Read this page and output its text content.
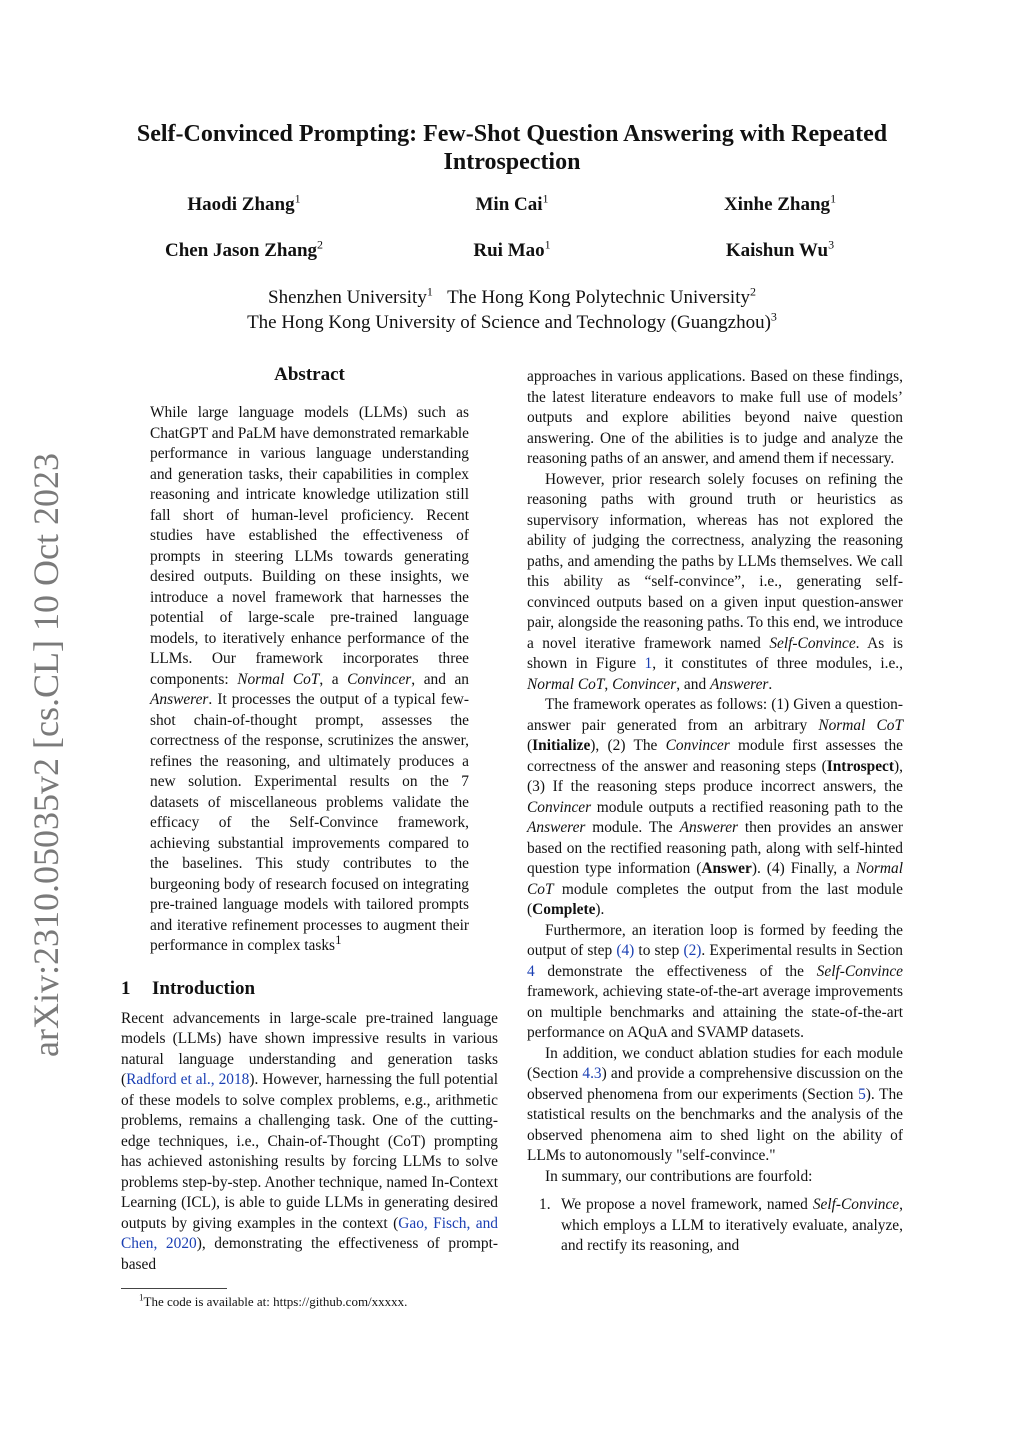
arXiv:2310.05035v2 [cs.CL] 10 Oct 2023
Self-Convinced Prompting: Few-Shot Question Answering with Repeated Introspection
Haodi Zhang$^1$	Min Cai$^1$	Xinhe Zhang$^1$
Chen Jason Zhang$^2$	Rui Mao$^1$	Kaishun Wu$^3$
Shenzhen University$^1$ The Hong Kong Polytechnic University$^2$
The Hong Kong University of Science and Technology (Guangzhou)$^3$
Abstract

While large language models (LLMs) such as ChatGPT and PaLM have demonstrated remarkable performance in various language understanding and generation tasks, their capabilities in complex reasoning and intricate knowledge utilization still fall short of human-level proficiency. Recent studies have established the effectiveness of prompts in steering LLMs towards generating desired outputs. Building on these insights, we introduce a novel framework that harnesses the potential of large-scale pre-trained language models, to iteratively enhance performance of the LLMs. Our framework incorporates three components: Normal CoT, a Convincer, and an Answerer. It processes the output of a typical few-shot chain-of-thought prompt, assesses the correctness of the response, scrutinizes the answer, refines the reasoning, and ultimately produces a new solution. Experimental results on the 7 datasets of miscellaneous problems validate the efficacy of the Self-Convince framework, achieving substantial improvements compared to the baselines. This study contributes to the burgeoning body of research focused on integrating pre-trained language models with tailored prompts and iterative refinement processes to augment their performance in complex tasks$^1$

1 Introduction

Recent advancements in large-scale pre-trained language models (LLMs) have shown impressive results in various natural language understanding and generation tasks (Radford et al., 2018). However, harnessing the full potential of these models to solve complex problems, e.g., arithmetic problems, remains a challenging task. One of the cutting-edge techniques, i.e., Chain-of-Thought (CoT) prompting has achieved astonishing results by forcing LLMs to solve problems step-by-step. Another technique, named In-Context Learning (ICL), is able to guide LLMs in generating desired outputs by giving examples in the context (Gao, Fisch, and Chen, 2020), demonstrating the effectiveness of prompt-based

$^1$The code is available at: https://github.com/xxxxx.

approaches in various applications. Based on these findings, the latest literature endeavors to make full use of models’ outputs and explore abilities beyond naive question answering. One of the abilities is to judge and analyze the reasoning paths of an answer, and amend them if necessary.

However, prior research solely focuses on refining the reasoning paths with ground truth or heuristics as supervisory information, whereas has not explored the ability of judging the correctness, analyzing the reasoning paths, and amending the paths by LLMs themselves. We call this ability as “self-convince”, i.e., generating self-convinced outputs based on a given input question-answer pair, alongside the reasoning paths. To this end, we introduce a novel iterative framework named Self-Convince. As is shown in Figure 1, it constitutes of three modules, i.e., Normal CoT, Convincer, and Answerer.

The framework operates as follows: (1) Given a question-answer pair generated from an arbitrary Normal CoT (Initialize), (2) The Convincer module first assesses the correctness of the answer and reasoning steps (Introspect), (3) If the reasoning steps produce incorrect answers, the Convincer module outputs a rectified reasoning path to the Answerer module. The Answerer then provides an answer based on the rectified reasoning path, along with self-hinted question type information (Answer). (4) Finally, a Normal CoT module completes the output from the last module (Complete).

Furthermore, an iteration loop is formed by feeding the output of step (4) to step (2). Experimental results in Section 4 demonstrate the effectiveness of the Self-Convince framework, achieving state-of-the-art average improvements on multiple benchmarks and attaining the state-of-the-art performance on AQuA and SVAMP datasets.

In addition, we conduct ablation studies for each module (Section 4.3) and provide a comprehensive discussion on the observed phenomena from our experiments (Section 5). The statistical results on the benchmarks and the analysis of the observed phenomena aim to shed light on the ability of LLMs to autonomously "self-convince."

In summary, our contributions are fourfold:

1. We propose a novel framework, named Self-Convince, which employs a LLM to iteratively evaluate, analyze, and rectify its reasoning, and
